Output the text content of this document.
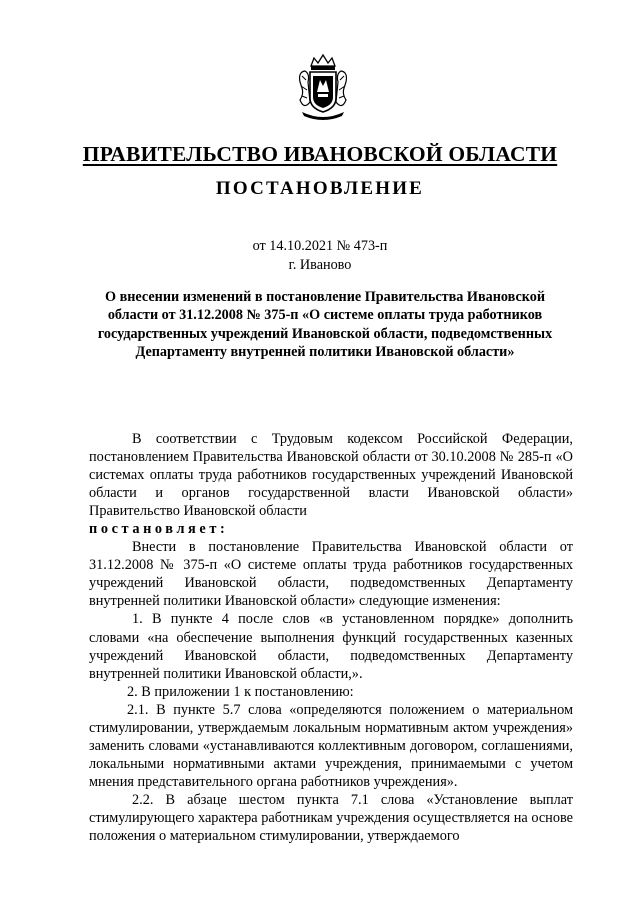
ПРАВИТЕЛЬСТВО ИВАНОВСКОЙ ОБЛАСТИ
ПОСТАНОВЛЕНИЕ
от 14.10.2021 № 473-п
г. Иваново
О внесении изменений в постановление Правительства Ивановской области от 31.12.2008 № 375-п «О системе оплаты труда работников государственных учреждений Ивановской области, подведомственных Департаменту внутренней политики Ивановской области»

В соответствии с Трудовым кодексом Российской Федерации, постановлением Правительства Ивановской области от 30.10.2008 № 285-п «О системах оплаты труда работников государственных учреждений Ивановской области и органов государственной власти Ивановской области» Правительство Ивановской области
постановляет:

Внести в постановление Правительства Ивановской области от 31.12.2008 № 375-п «О системе оплаты труда работников государственных учреждений Ивановской области, подведомственных Департаменту внутренней политики Ивановской области» следующие изменения:

1. В пункте 4 после слов «в установленном порядке» дополнить словами «на обеспечение выполнения функций государственных казенных учреждений Ивановской области, подведомственных Департаменту внутренней политики Ивановской области,».

2. В приложении 1 к постановлению:

2.1. В пункте 5.7 слова «определяются положением о материальном стимулировании, утверждаемым локальным нормативным актом учреждения» заменить словами «устанавливаются коллективным договором, соглашениями, локальными нормативными актами учреждения, принимаемыми с учетом мнения представительного органа работников учреждения».

2.2. В абзаце шестом пункта 7.1 слова «Установление выплат стимулирующего характера работникам учреждения осуществляется на основе положения о материальном стимулировании, утверждаемого
